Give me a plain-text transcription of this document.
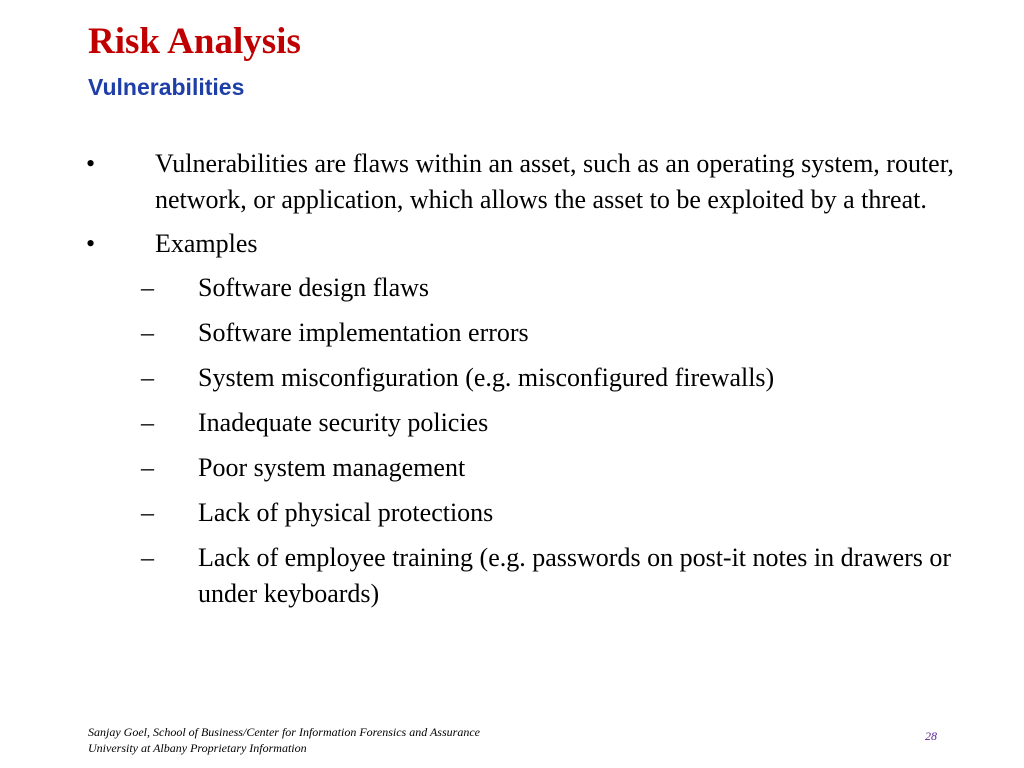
Risk Analysis
Vulnerabilities
• Vulnerabilities are flaws within an asset, such as an operating system, router, network, or application, which allows the asset to be exploited by a threat.
• Examples
– Software design flaws
– Software implementation errors
– System misconfiguration (e.g. misconfigured firewalls)
– Inadequate security policies
– Poor system management
– Lack of physical protections
– Lack of employee training (e.g. passwords on post-it notes in drawers or under keyboards)
Sanjay Goel, School of Business/Center for Information Forensics and Assurance
University at Albany Proprietary Information
28
